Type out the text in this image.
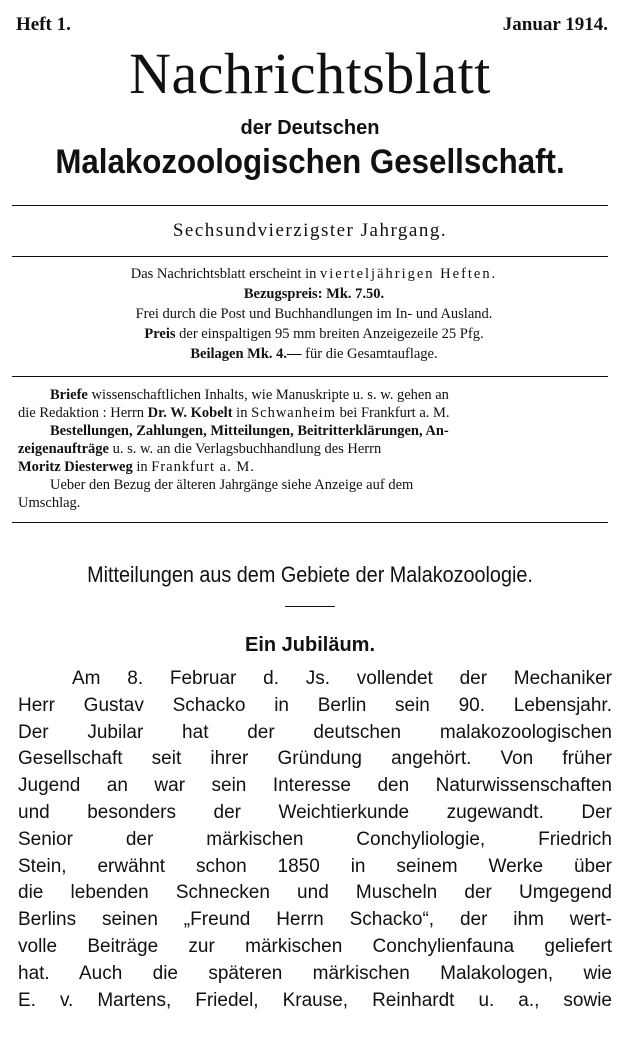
Heft 1.	Januar 1914.
Nachrichtsblatt
der Deutschen
Malakozoologischen Gesellschaft.
Sechsundvierzigster Jahrgang.
Das Nachrichtsblatt erscheint in vierteljährigen Heften.
Bezugspreis: Mk. 7.50.
Frei durch die Post und Buchhandlungen im In- und Ausland.
Preis der einspaltigen 95 mm breiten Anzeigezeile 25 Pfg.
Beilagen Mk. 4.— für die Gesamtauflage.
Briefe wissenschaftlichen Inhalts, wie Manuskripte u. s. w. gehen an
die Redaktion : Herrn Dr. W. Kobelt in Schwanheim bei Frankfurt a. M.
Bestellungen, Zahlungen, Mitteilungen, Beitritterklärungen, An-
zeigenaufträge u. s. w. an die Verlagsbuchhandlung des Herrn
Moritz Diesterweg in Frankfurt a. M.
Ueber den Bezug der älteren Jahrgänge siehe Anzeige auf dem
Umschlag.
Mitteilungen aus dem Gebiete der Malakozoologie.
Ein Jubiläum.
Am 8. Februar d. Js. vollendet der Mechaniker
Herr Gustav Schacko in Berlin sein 90. Lebensjahr.
Der Jubilar hat der deutschen malakozoologischen
Gesellschaft seit ihrer Gründung angehört. Von früher
Jugend an war sein Interesse den Naturwissenschaften
und besonders der Weichtierkunde zugewandt. Der
Senior der märkischen Conchyliologie, Friedrich
Stein, erwähnt schon 1850 in seinem Werke über
die lebenden Schnecken und Muscheln der Umgegend
Berlins seinen „Freund Herrn Schacko“, der ihm wert-
volle Beiträge zur märkischen Conchylienfauna geliefert
hat. Auch die späteren märkischen Malakologen, wie
E. v. Martens, Friedel, Krause, Reinhardt u. a., sowie
